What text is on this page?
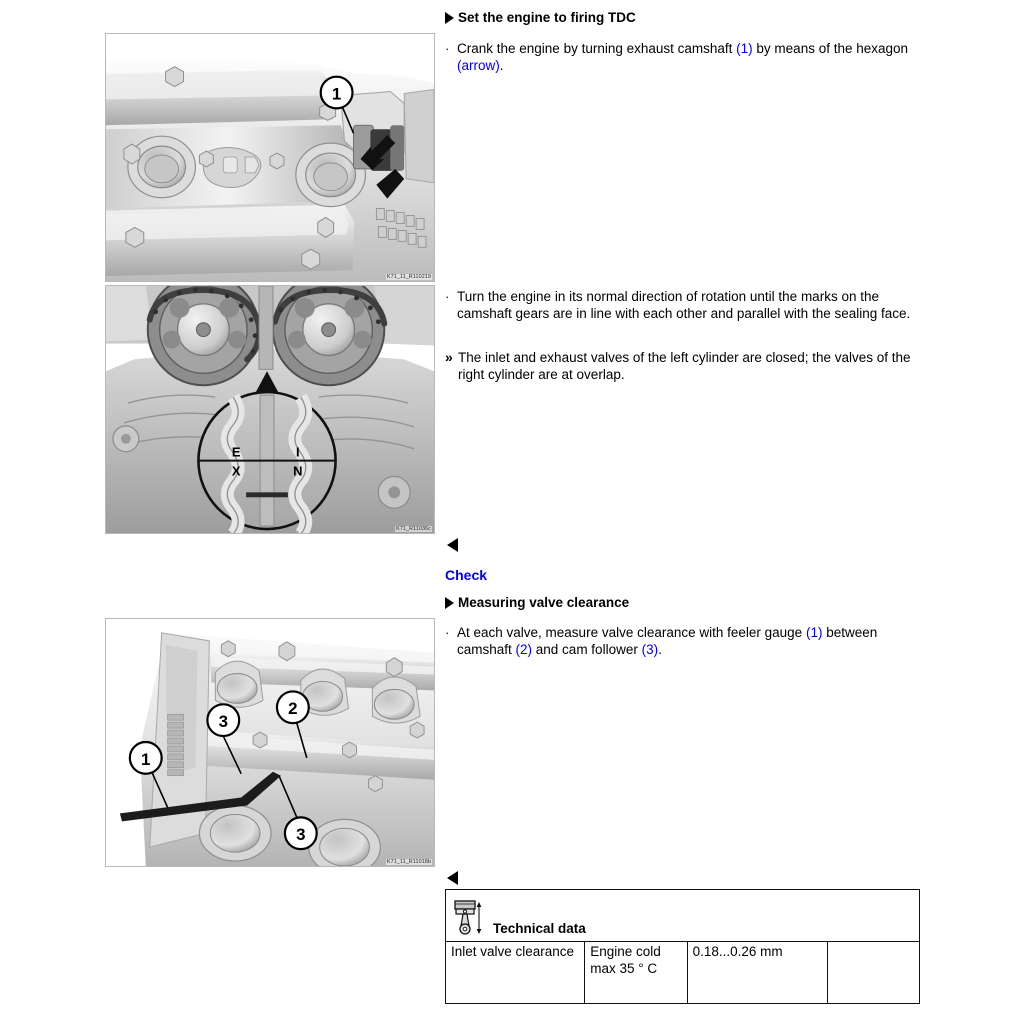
1
K71_11_R110219
E
X
I
N
K71_R11036c
1
3
2
3
K71_11_R11018b
Set the engine to firing TDC
· Crank the engine by turning exhaust camshaft (1) by means of the hexagon (arrow).
· Turn the engine in its normal direction of rotation until the marks on the camshaft gears are in line with each other and parallel with the sealing face.
» The inlet and exhaust valves of the left cylinder are closed; the valves of the right cylinder are at overlap.
Check
Measuring valve clearance
· At each valve, measure valve clearance with feeler gauge (1) between camshaft (2) and cam follower (3).
Technical data

Inlet valve clearance	Engine cold max 35 ° C	0.18...0.26 mm	
